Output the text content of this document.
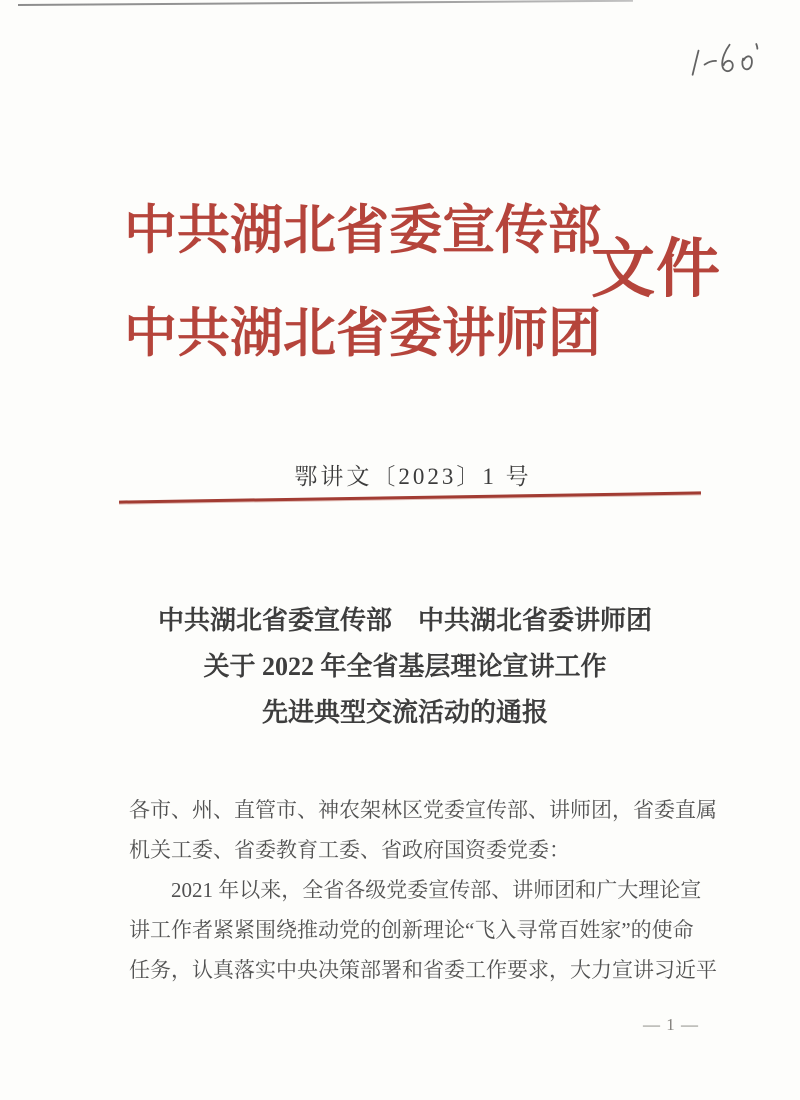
中共湖北省委宣传部
中共湖北省委讲师团
文件
鄂讲文〔2023〕1 号
中共湖北省委宣传部　中共湖北省委讲师团
关于 2022 年全省基层理论宣讲工作
先进典型交流活动的通报
各市、州、直管市、神农架林区党委宣传部、讲师团，省委直属
机关工委、省委教育工委、省政府国资委党委：
　　2021 年以来，全省各级党委宣传部、讲师团和广大理论宣
讲工作者紧紧围绕推动党的创新理论“飞入寻常百姓家”的使命
任务，认真落实中央决策部署和省委工作要求，大力宣讲习近平
— 1 —
